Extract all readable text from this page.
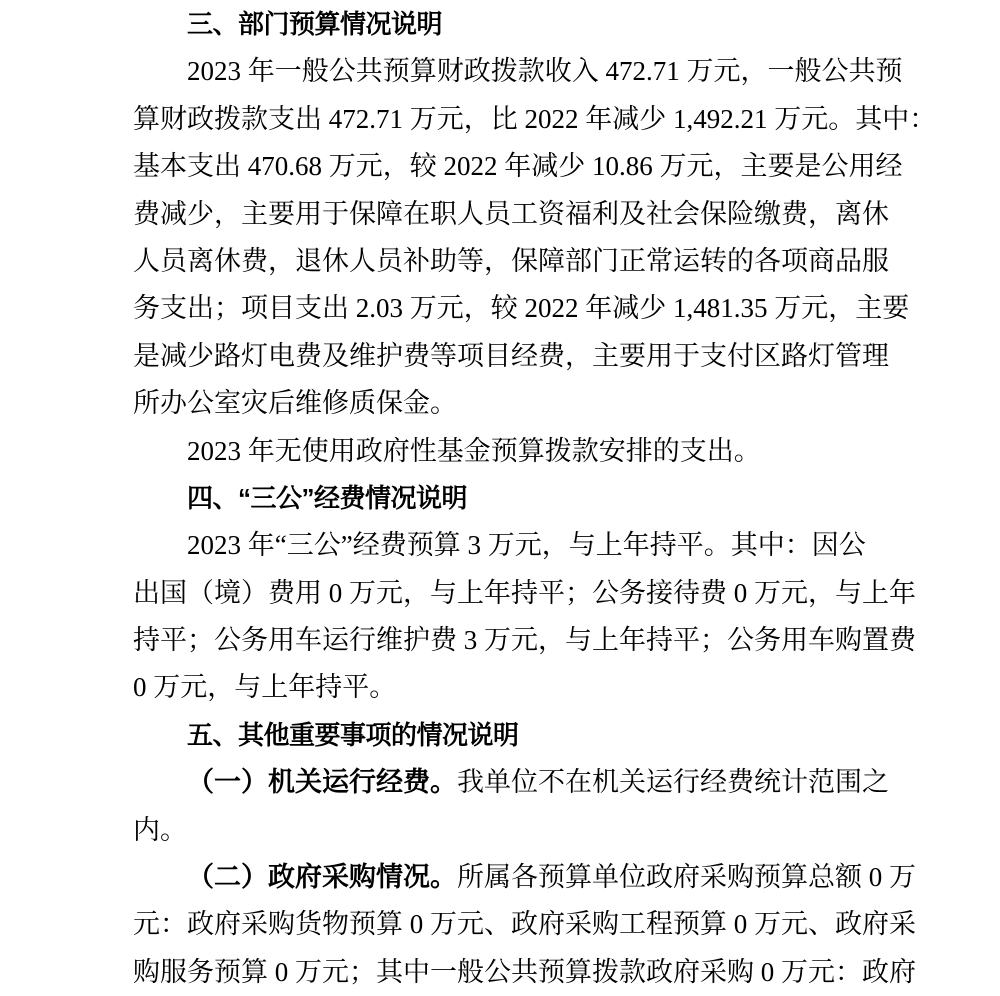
三、部门预算情况说明
2023 年一般公共预算财政拨款收入 472.71 万元，一般公共预
算财政拨款支出 472.71 万元，比 2022 年减少 1,492.21 万元。其中：
基本支出 470.68 万元，较 2022 年减少 10.86 万元，主要是公用经
费减少，主要用于保障在职人员工资福利及社会保险缴费，离休
人员离休费，退休人员补助等，保障部门正常运转的各项商品服
务支出；项目支出 2.03 万元，较 2022 年减少 1,481.35 万元，主要
是减少路灯电费及维护费等项目经费，主要用于支付区路灯管理
所办公室灾后维修质保金。
2023 年无使用政府性基金预算拨款安排的支出。
四、“三公”经费情况说明
2023 年“三公”经费预算 3 万元，与上年持平。其中：因公
出国（境）费用 0 万元，与上年持平；公务接待费 0 万元，与上年
持平；公务用车运行维护费 3 万元，与上年持平；公务用车购置费
0 万元，与上年持平。
五、其他重要事项的情况说明
（一）机关运行经费。我单位不在机关运行经费统计范围之
内。
（二）政府采购情况。所属各预算单位政府采购预算总额 0 万
元：政府采购货物预算 0 万元、政府采购工程预算 0 万元、政府采
购服务预算 0 万元；其中一般公共预算拨款政府采购 0 万元：政府
